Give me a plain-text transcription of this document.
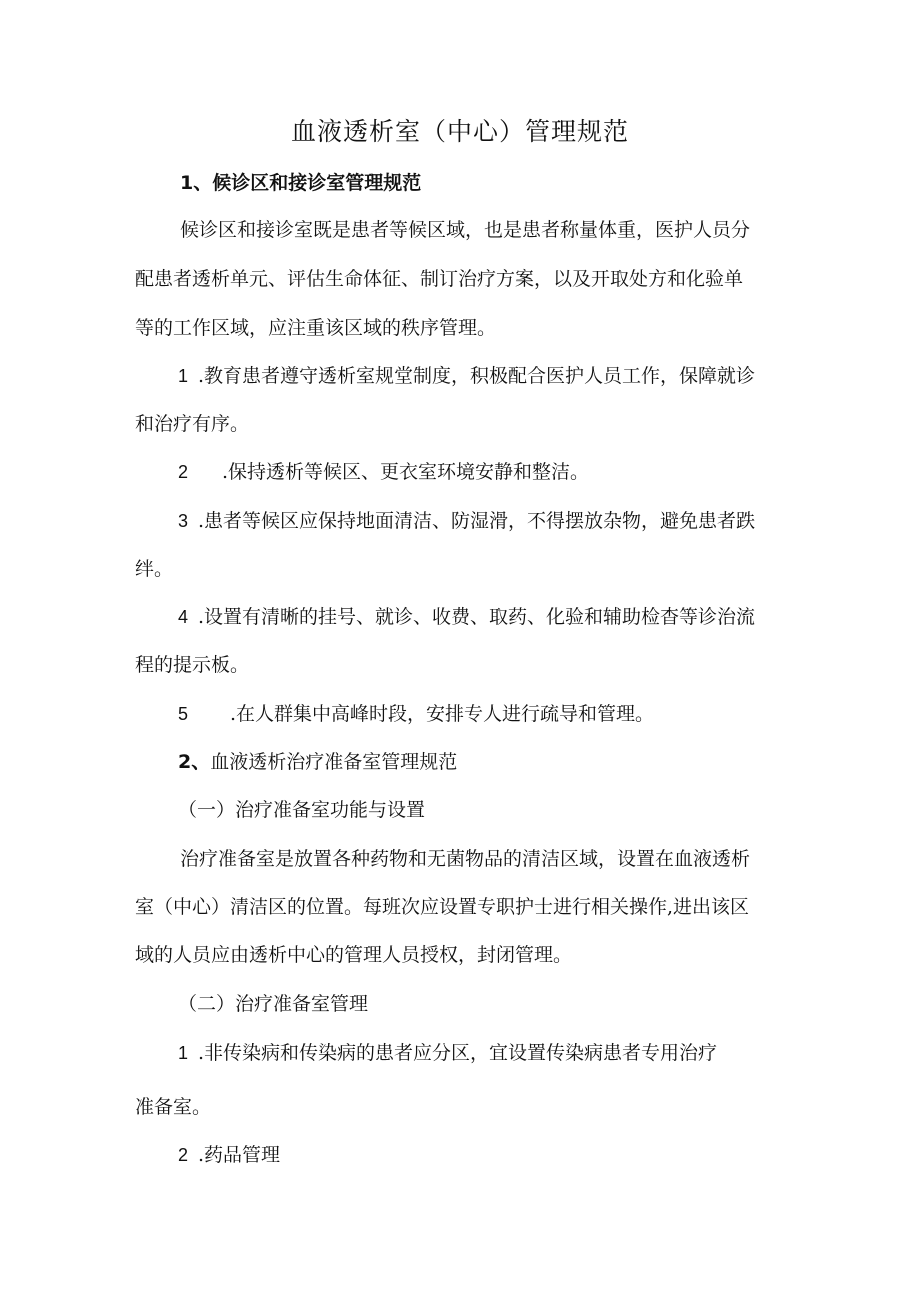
血液透析室（中心）管理规范
1、候诊区和接诊室管理规范
候诊区和接诊室既是患者等候区域，也是患者称量体重，医护人员分
配患者透析单元、评估生命体征、制订治疗方案，以及开取处方和化验单
等的工作区域，应注重该区域的秩序管理。
1 .教育患者遵守透析室规堂制度，积极配合医护人员工作，保障就诊
和治疗有序。
2 .保持透析等候区、更衣室环境安静和整洁。
3 .患者等候区应保持地面清洁、防湿滑，不得摆放杂物，避免患者跌
绊。
4 .设置有清晰的挂号、就诊、收费、取药、化验和辅助检杳等诊治流
程的提示板。
5 .在人群集中高峰时段，安排专人进行疏导和管理。
2、血液透析治疗准备室管理规范
（一）治疗准备室功能与设置
治疗准备室是放置各种药物和无菌物品的清洁区域，设置在血液透析
室（中心）清洁区的位置。每班次应设置专职护士进行相关操作,进出该区
域的人员应由透析中心的管理人员授权，封闭管理。
（二）治疗准备室管理
1 .非传染病和传染病的患者应分区，宜设置传染病患者专用治疗
准备室。
2 .药品管理
